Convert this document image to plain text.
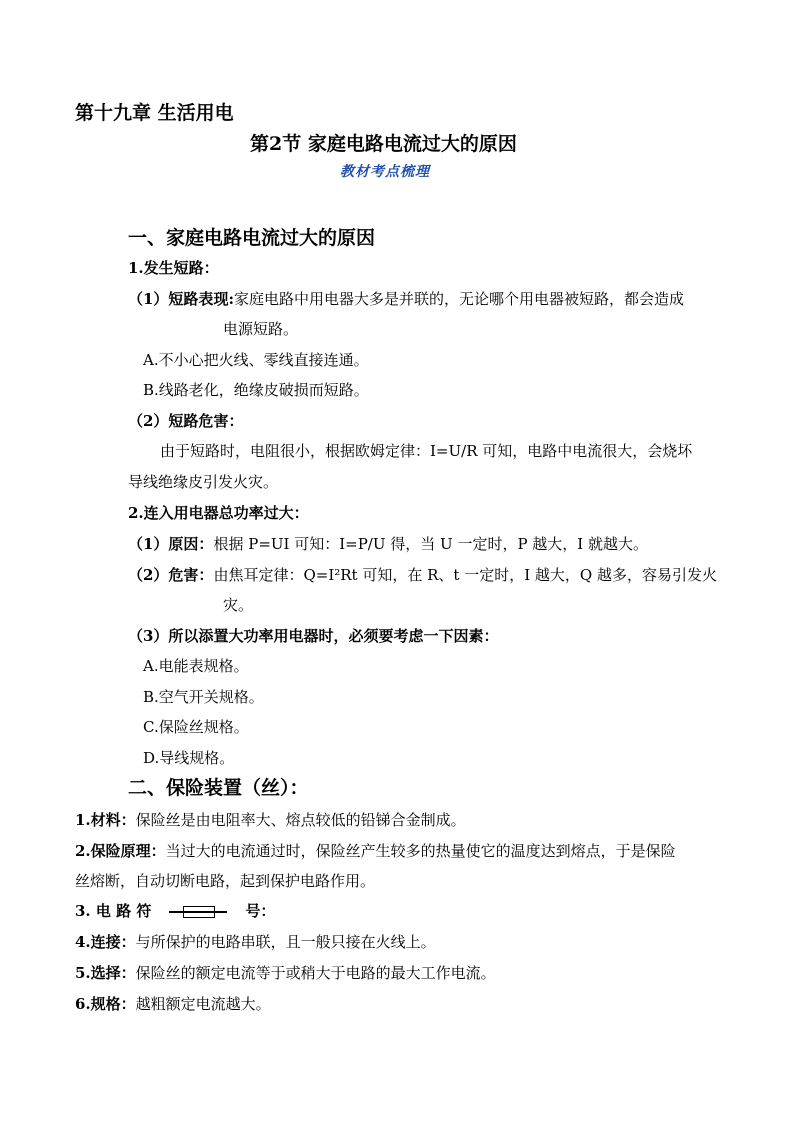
第十九章 生活用电
第2节 家庭电路电流过大的原因
教材考点梳理
一、家庭电路电流过大的原因
1.发生短路：
（1）短路表现:家庭电路中用电器大多是并联的，无论哪个用电器被短路，都会造成
电源短路。
A.不小心把火线、零线直接连通。
B.线路老化，绝缘皮破损而短路。
（2）短路危害：
由于短路时，电阻很小，根据欧姆定律：I=U/R 可知，电路中电流很大，会烧坏
导线绝缘皮引发火灾。
2.连入用电器总功率过大：
（1）原因：根据 P=UI 可知：I=P/U 得，当 U 一定时，P 越大，I 就越大。
（2）危害：由焦耳定律：Q=I²Rt 可知，在 R、t 一定时，I 越大，Q 越多，容易引发火
灾。
（3）所以添置大功率用电器时，必须要考虑一下因素：
A.电能表规格。
B.空气开关规格。
C.保险丝规格。
D.导线规格。
二、保险装置（丝）：
1.材料：保险丝是由电阻率大、熔点较低的铅锑合金制成。
2.保险原理：当过大的电流通过时，保险丝产生较多的热量使它的温度达到熔点，于是保险
丝熔断，自动切断电路，起到保护电路作用。
3. 电 路 符	号：
4.连接：与所保护的电路串联，且一般只接在火线上。
5.选择：保险丝的额定电流等于或稍大于电路的最大工作电流。
6.规格：越粗额定电流越大。
